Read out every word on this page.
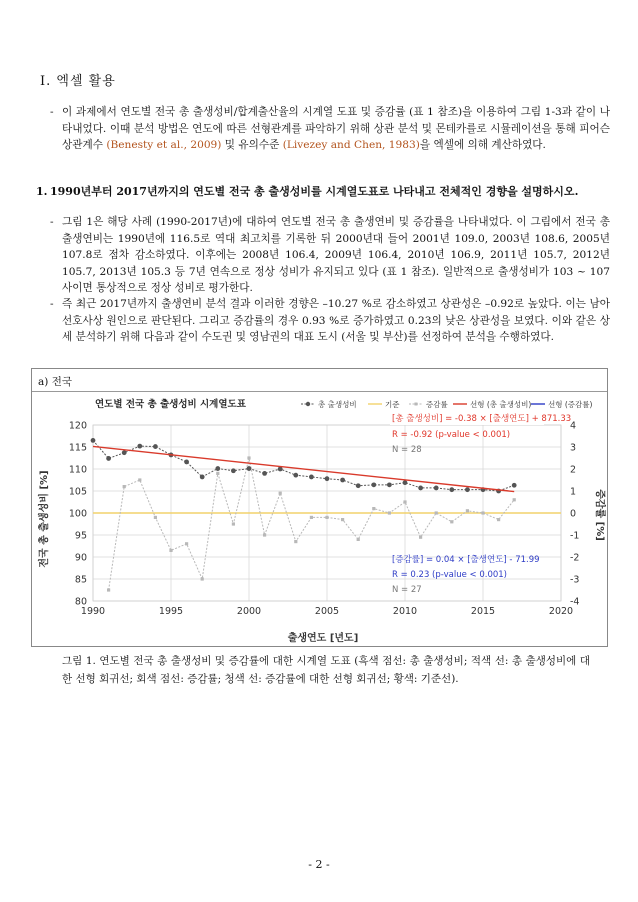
I. 엑셀 활용
- 이 과제에서 연도별 전국 총 출생성비/합계출산율의 시계열 도표 및 증감률 (표 1 참조)을 이용하여 그림 1-3과 같이 나타내었다. 이때 분석 방법은 연도에 따른 선형관계를 파악하기 위해 상관 분석 및 몬테카를로 시뮬레이션을 통해 피어슨 상관계수 (Benesty et al., 2009) 및 유의수준 (Livezey and Chen, 1983)을 엑셀에 의해 계산하였다.
1. 1990년부터 2017년까지의 연도별 전국 총 출생성비를 시계열도표로 나타내고 전체적인 경향을 설명하시오.
- 그림 1은 해당 사례 (1990-2017년)에 대하여 연도별 전국 총 출생연비 및 증감률을 나타내었다. 이 그림에서 전국 총 출생연비는 1990년에 116.5로 역대 최고치를 기록한 뒤 2000년대 들어 2001년 109.0, 2003년 108.6, 2005년 107.8로 점차 감소하였다. 이후에는 2008년 106.4, 2009년 106.4, 2010년 106.9, 2011년 105.7, 2012년 105.7, 2013년 105.3 등 7년 연속으로 정상 성비가 유지되고 있다 (표 1 참조). 일반적으로 출생성비가 103 ~ 107 사이면 통상적으로 정상 성비로 평가한다.
- 즉 최근 2017년까지 출생연비 분석 결과 이러한 경향은 –10.27 %로 감소하였고 상관성은 –0.92로 높았다. 이는 남아선호사상 원인으로 판단된다. 그리고 증감률의 경우 0.93 %로 증가하였고 0.23의 낮은 상관성을 보였다. 이와 같은 상세 분석하기 위해 다음과 같이 수도권 및 영남권의 대표 도시 (서울 및 부산)를 선정하여 분석을 수행하였다.
a) 전국
연도별 전국 총 출생성비 시계열도표	총 출생성비	기준	증감률	선형 (총 출생성비) 선형 (증감률)
80
85
90
95
100
105
110
115
120
1990	1995	2000	2005	2010	2015	2020
-4
-3
-2
-1
0
1
2
3
4
[총 출생성비] = -0.38 × [출생연도] + 871.33
R = -0.92 (p-value < 0.001)
N = 28
[증감률] = 0.04 × [출생연도] - 71.99
R = 0.23 (p-value < 0.001)
N = 27
출생연도 [년도]
전국 총 출생성비 [%]	증감률 [%]
그림 1. 연도별 전국 총 출생성비 및 증감률에 대한 시계열 도표 (흑색 점선: 총 출생성비; 적색 선: 총 출생성비에 대한 선형 회귀선; 회색 점선: 증감률; 청색 선: 증감률에 대한 선형 회귀선; 황색: 기준선).
- 2 -
